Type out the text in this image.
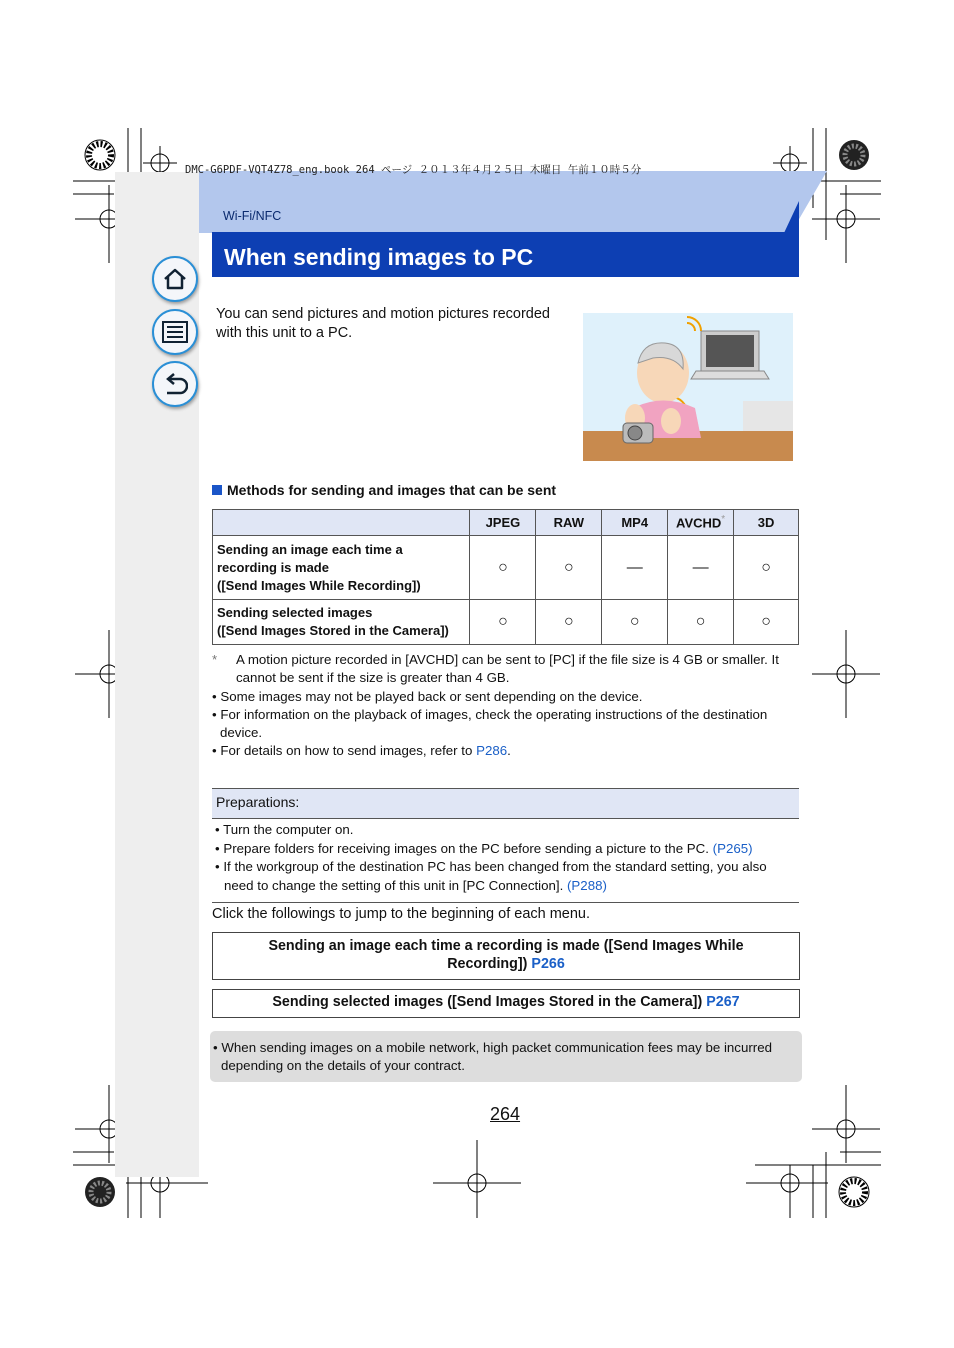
DMC-G6PDF-VQT4Z78_eng.book 264 ページ ２０１３年４月２５日 木曜日 午前１０時５分
Wi-Fi/NFC
When sending images to PC
You can send pictures and motion pictures recorded with this unit to a PC.
Methods for sending and images that can be sent
	JPEG	RAW	MP4	AVCHD*	3D
Sending an image each time a
recording is made
([Send Images While Recording])	○	○	—	—	○
Sending selected images
([Send Images Stored in the Camera])	○	○	○	○	○
* A motion picture recorded in [AVCHD] can be sent to [PC] if the file size is 4 GB or smaller. It cannot be sent if the size is greater than 4 GB.
• Some images may not be played back or sent depending on the device.
• For information on the playback of images, check the operating instructions of the destination device.
• For details on how to send images, refer to P286.
Preparations:
• Turn the computer on.
• Prepare folders for receiving images on the PC before sending a picture to the PC. (P265)
• If the workgroup of the destination PC has been changed from the standard setting, you also need to change the setting of this unit in [PC Connection]. (P288)
Click the followings to jump to the beginning of each menu.
Sending an image each time a recording is made ([Send Images While
Recording]) P266
Sending selected images ([Send Images Stored in the Camera]) P267
• When sending images on a mobile network, high packet communication fees may be incurred depending on the details of your contract.
264
